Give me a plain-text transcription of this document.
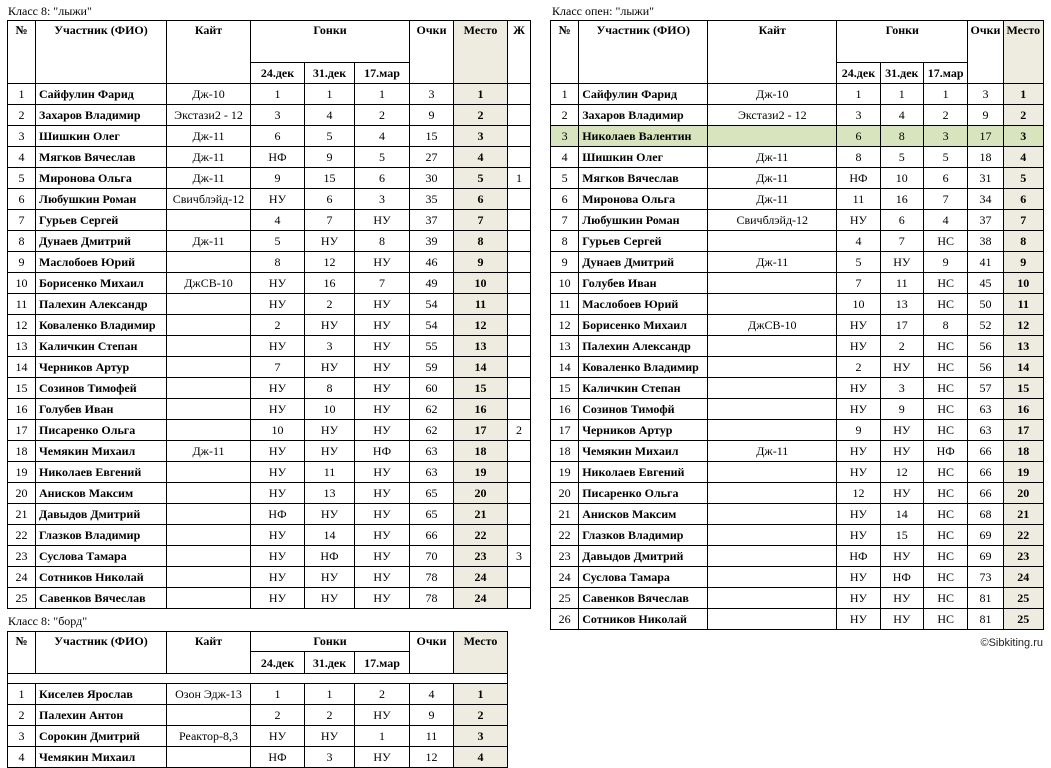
Класс 8: "лыжи"
№	Участник (ФИО)	Кайт	Гонки			Очки	Место	Ж
			24.дек	31.дек	17.мар			
1	Сайфулин Фарид	Дж-10	1	1	1	3	1	
2	Захаров Владимир	Экстази2 - 12	3	4	2	9	2	
3	Шишкин Олег	Дж-11	6	5	4	15	3	
4	Мягков Вячеслав	Дж-11	НФ	9	5	27	4	
5	Миронова Ольга	Дж-11	9	15	6	30	5	1
6	Любушкин Роман	Свичблэйд-12	НУ	6	3	35	6	
7	Гурьев Сергей		4	7	НУ	37	7	
8	Дунаев Дмитрий	Дж-11	5	НУ	8	39	8	
9	Маслобоев Юрий		8	12	НУ	46	9	
10	Борисенко Михаил	ДжСВ-10	НУ	16	7	49	10	
11	Палехин Александр		НУ	2	НУ	54	11	
12	Коваленко Владимир		2	НУ	НУ	54	12	
13	Каличкин Степан		НУ	3	НУ	55	13	
14	Черников Артур		7	НУ	НУ	59	14	
15	Созинов Тимофей		НУ	8	НУ	60	15	
16	Голубев Иван		НУ	10	НУ	62	16	
17	Писаренко Ольга		10	НУ	НУ	62	17	2
18	Чемякин Михаил	Дж-11	НУ	НУ	НФ	63	18	
19	Николаев Евгений		НУ	11	НУ	63	19	
20	Анисков Максим		НУ	13	НУ	65	20	
21	Давыдов Дмитрий		НФ	НУ	НУ	65	21	
22	Глазков Владимир		НУ	14	НУ	66	22	
23	Суслова Тамара		НУ	НФ	НУ	70	23	3
24	Сотников Николай		НУ	НУ	НУ	78	24	
25	Савенков Вячеслав		НУ	НУ	НУ	78	24	
Класс 8: "борд"
№	Участник (ФИО)	Кайт	Гонки			Очки	Место
			24.дек	31.дек	17.мар		

1	Киселев Ярослав	Озон Эдж-13	1	1	2	4	1
2	Палехин Антон		2	2	НУ	9	2
3	Сорокин Дмитрий	Реактор-8,3	НУ	НУ	1	11	3
4	Чемякин Михаил		НФ	3	НУ	12	4
Класс опен: "лыжи"
№	Участник (ФИО)	Кайт	Гонки			Очки	Место
			24.дек	31.дек	17.мар		
1	Сайфулин Фарид	Дж-10	1	1	1	3	1
2	Захаров Владимир	Экстази2 - 12	3	4	2	9	2
3	Николаев Валентин		6	8	3	17	3
4	Шишкин Олег	Дж-11	8	5	5	18	4
5	Мягков Вячеслав	Дж-11	НФ	10	6	31	5
6	Миронова Ольга	Дж-11	11	16	7	34	6
7	Любушкин Роман	Свичблэйд-12	НУ	6	4	37	7
8	Гурьев Сергей		4	7	НС	38	8
9	Дунаев Дмитрий	Дж-11	5	НУ	9	41	9
10	Голубев Иван		7	11	НС	45	10
11	Маслобоев Юрий		10	13	НС	50	11
12	Борисенко Михаил	ДжСВ-10	НУ	17	8	52	12
13	Палехин Александр		НУ	2	НС	56	13
14	Коваленко Владимир		2	НУ	НС	56	14
15	Каличкин Степан		НУ	3	НС	57	15
16	Созинов Тимофй		НУ	9	НС	63	16
17	Черников Артур		9	НУ	НС	63	17
18	Чемякин Михаил	Дж-11	НУ	НУ	НФ	66	18
19	Николаев Евгений		НУ	12	НС	66	19
20	Писаренко Ольга		12	НУ	НС	66	20
21	Анисков Максим		НУ	14	НС	68	21
22	Глазков Владимир		НУ	15	НС	69	22
23	Давыдов Дмитрий		НФ	НУ	НС	69	23
24	Суслова Тамара		НУ	НФ	НС	73	24
25	Савенков Вячеслав		НУ	НУ	НС	81	25
26	Сотников Николай		НУ	НУ	НС	81	25
©Sibkiting.ru
